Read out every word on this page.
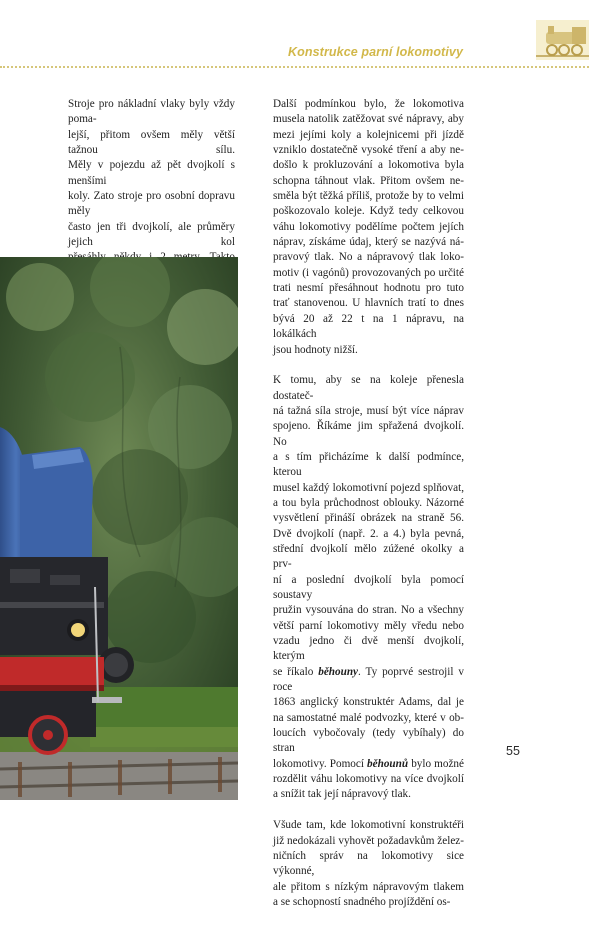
Konstrukce parní lokomotivy

Stroje pro nákladní vlaky byly vždy poma-
lejší, přitom ovšem měly větší tažnou sílu.
Měly v pojezdu až pět dvojkolí s menšími
koly. Zato stroje pro osobní dopravu měly
často jen tři dvojkolí, ale průměry jejich kol

Další podmínkou bylo, že lokomotiva
musela natolik zatěžovat své nápravy, aby
mezi jejími koly a kolejnicemi při jízdě
vzniklo dostatečně vysoké tření a aby ne-
došlo k prokluzování a lokomotiva byla
schopna táhnout vlak. Přitom ovšem ne-
směla být těžká příliš, protože by to velmi
poškozovalo koleje. Když tedy celkovou
váhu lokomotivy podělíme počtem jejích
náprav, získáme údaj, který se nazývá ná-
pravový tlak. No a nápravový tlak loko-
motiv (i vagónů) provozovaných po určité
trati nesmí přesáhnout hodnotu pro tuto
trať stanovenou. U hlavních tratí to dnes
bývá 20 až 22 t na 1 nápravu, na lokálkách
jsou hodnoty nižší.

K tomu, aby se na koleje přenesla dostateč-
ná tažná síla stroje, musí být více náprav
spojeno. Říkáme jim spřažená dvojkolí. No
a s tím přicházíme k další podmínce, kterou
musel každý lokomotivní pojezd splňovat,
a tou byla průchodnost oblouky. Názorné
vysvětlení přináší obrázek na straně 56.
Dvě dvojkolí (např. 2. a 4.) byla pevná,
střední dvojkolí mělo zúžené okolky a prv-
ní a poslední dvojkolí byla pomocí soustavy
pružin vysouvána do stran. No a všechny
větší parní lokomotivy měly vředu nebo
vzadu jedno či dvě menší dvojkolí, kterým
se říkalo běhouny. Ty poprvé sestrojil v roce
1863 anglický konstruktér Adams, dal je
na samostatné malé podvozky, které v ob-
loucích vybočovaly (tedy vybíhaly) do stran
lokomotivy. Pomocí běhounů bylo možné
rozdělit váhu lokomotivy na více dvojkolí
a snížit tak její nápravový tlak.

Všude tam, kde lokomotivní konstruktéři
již nedokázali vyhovět požadavkům želez-
ničních správ na lokomotivy sice výkonné,
ale přitom s nízkým nápravovým tlakem
a se schopností snadného projíždění os-

55
